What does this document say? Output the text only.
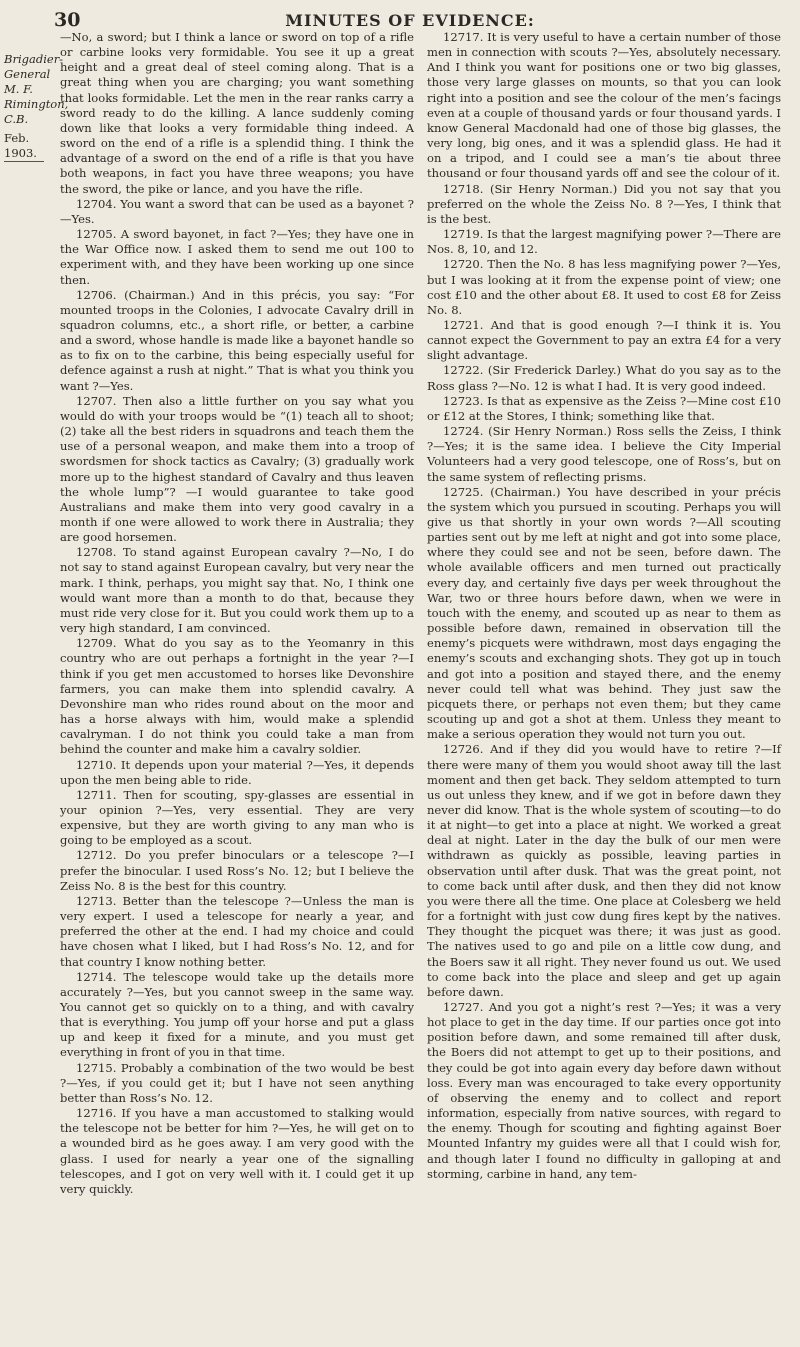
30	MINUTES OF EVIDENCE:
Brigadier-General
M. F. Rimington, C.B.
Feb. 1903.

—No, a sword; but I think a lance or sword on top of a rifle or carbine looks very formidable. You see it up a great height and a great deal of steel coming along. That is a great thing when you are charging; you want something that looks formidable. Let the men in the rear ranks carry a sword ready to do the killing. A lance suddenly coming down like that looks a very formidable thing indeed. A sword on the end of a rifle is a splendid thing. I think the advantage of a sword on the end of a rifle is that you have both weapons, in fact you have three weapons; you have the sword, the pike or lance, and you have the rifle.

12704. You want a sword that can be used as a bayonet ?—Yes.

12705. A sword bayonet, in fact ?—Yes; they have one in the War Office now. I asked them to send me out 100 to experiment with, and they have been working up one since then.

12706. (Chairman.) And in this précis, you say: “For mounted troops in the Colonies, I advocate Cavalry drill in squadron columns, etc., a short rifle, or better, a carbine and a sword, whose handle is made like a bayonet handle so as to fix on to the carbine, this being especially useful for defence against a rush at night.” That is what you think you want ?—Yes.

12707. Then also a little further on you say what you would do with your troops would be “(1) teach all to shoot; (2) take all the best riders in squadrons and teach them the use of a personal weapon, and make them into a troop of swordsmen for shock tactics as Cavalry; (3) gradually work more up to the highest standard of Cavalry and thus leaven the whole lump”? —I would guarantee to take good Australians and make them into very good cavalry in a month if one were allowed to work there in Australia; they are good horsemen.

12708. To stand against European cavalry ?—No, I do not say to stand against European cavalry, but very near the mark. I think, perhaps, you might say that. No, I think one would want more than a month to do that, because they must ride very close for it. But you could work them up to a very high standard, I am convinced.

12709. What do you say as to the Yeomanry in this country who are out perhaps a fortnight in the year ?—I think if you get men accustomed to horses like Devonshire farmers, you can make them into splendid cavalry. A Devonshire man who rides round about on the moor and has a horse always with him, would make a splendid cavalryman. I do not think you could take a man from behind the counter and make him a cavalry soldier.

12710. It depends upon your material ?—Yes, it depends upon the men being able to ride.

12711. Then for scouting, spy-glasses are essential in your opinion ?—Yes, very essential. They are very expensive, but they are worth giving to any man who is going to be employed as a scout.

12712. Do you prefer binoculars or a telescope ?—I prefer the binocular. I used Ross’s No. 12; but I believe the Zeiss No. 8 is the best for this country.

12713. Better than the telescope ?—Unless the man is very expert. I used a telescope for nearly a year, and preferred the other at the end. I had my choice and could have chosen what I liked, but I had Ross’s No. 12, and for that country I know nothing better.

12714. The telescope would take up the details more accurately ?—Yes, but you cannot sweep in the same way. You cannot get so quickly on to a thing, and with cavalry that is everything. You jump off your horse and put a glass up and keep it fixed for a minute, and you must get everything in front of you in that time.

12715. Probably a combination of the two would be best ?—Yes, if you could get it; but I have not seen anything better than Ross’s No. 12.

12716. If you have a man accustomed to stalking would the telescope not be better for him ?—Yes, he will get on to a wounded bird as he goes away. I am very good with the glass. I used for nearly a year one of the signalling telescopes, and I got on very well with it. I could get it up very quickly.

12717. It is very useful to have a certain number of those men in connection with scouts ?—Yes, absolutely necessary. And I think you want for positions one or two big glasses, those very large glasses on mounts, so that you can look right into a position and see the colour of the men’s facings even at a couple of thousand yards or four thousand yards. I know General Macdonald had one of those big glasses, the very long, big ones, and it was a splendid glass. He had it on a tripod, and I could see a man’s tie about three thousand or four thousand yards off and see the colour of it.

12718. (Sir Henry Norman.) Did you not say that you preferred on the whole the Zeiss No. 8 ?—Yes, I think that is the best.

12719. Is that the largest magnifying power ?—There are Nos. 8, 10, and 12.

12720. Then the No. 8 has less magnifying power ?—Yes, but I was looking at it from the expense point of view; one cost £10 and the other about £8. It used to cost £8 for Zeiss No. 8.

12721. And that is good enough ?—I think it is. You cannot expect the Government to pay an extra £4 for a very slight advantage.

12722. (Sir Frederick Darley.) What do you say as to the Ross glass ?—No. 12 is what I had. It is very good indeed.

12723. Is that as expensive as the Zeiss ?—Mine cost £10 or £12 at the Stores, I think; something like that.

12724. (Sir Henry Norman.) Ross sells the Zeiss, I think ?—Yes; it is the same idea. I believe the City Imperial Volunteers had a very good telescope, one of Ross’s, but on the same system of reflecting prisms.

12725. (Chairman.) You have described in your précis the system which you pursued in scouting. Perhaps you will give us that shortly in your own words ?—All scouting parties sent out by me left at night and got into some place, where they could see and not be seen, before dawn. The whole available officers and men turned out practically every day, and certainly five days per week throughout the War, two or three hours before dawn, when we were in touch with the enemy, and scouted up as near to them as possible before dawn, remained in observation till the enemy’s picquets were withdrawn, most days engaging the enemy’s scouts and exchanging shots. They got up in touch and got into a position and stayed there, and the enemy never could tell what was behind. They just saw the picquets there, or perhaps not even them; but they came scouting up and got a shot at them. Unless they meant to make a serious operation they would not turn you out.

12726. And if they did you would have to retire ?—If there were many of them you would shoot away till the last moment and then get back. They seldom attempted to turn us out unless they knew, and if we got in before dawn they never did know. That is the whole system of scouting—to do it at night—to get into a place at night. We worked a great deal at night. Later in the day the bulk of our men were withdrawn as quickly as possible, leaving parties in observation until after dusk. That was the great point, not to come back until after dusk, and then they did not know you were there all the time. One place at Colesberg we held for a fortnight with just cow dung fires kept by the natives. They thought the picquet was there; it was just as good. The natives used to go and pile on a little cow dung, and the Boers saw it all right. They never found us out. We used to come back into the place and sleep and get up again before dawn.

12727. And you got a night’s rest ?—Yes; it was a very hot place to get in the day time. If our parties once got into position before dawn, and some remained till after dusk, the Boers did not attempt to get up to their positions, and they could be got into again every day before dawn without loss. Every man was encouraged to take every opportunity of observing the enemy and to collect and report information, especially from native sources, with regard to the enemy. Though for scouting and fighting against Boer Mounted Infantry my guides were all that I could wish for, and though later I found no difficulty in galloping at and storming, carbine in hand, any tem-
